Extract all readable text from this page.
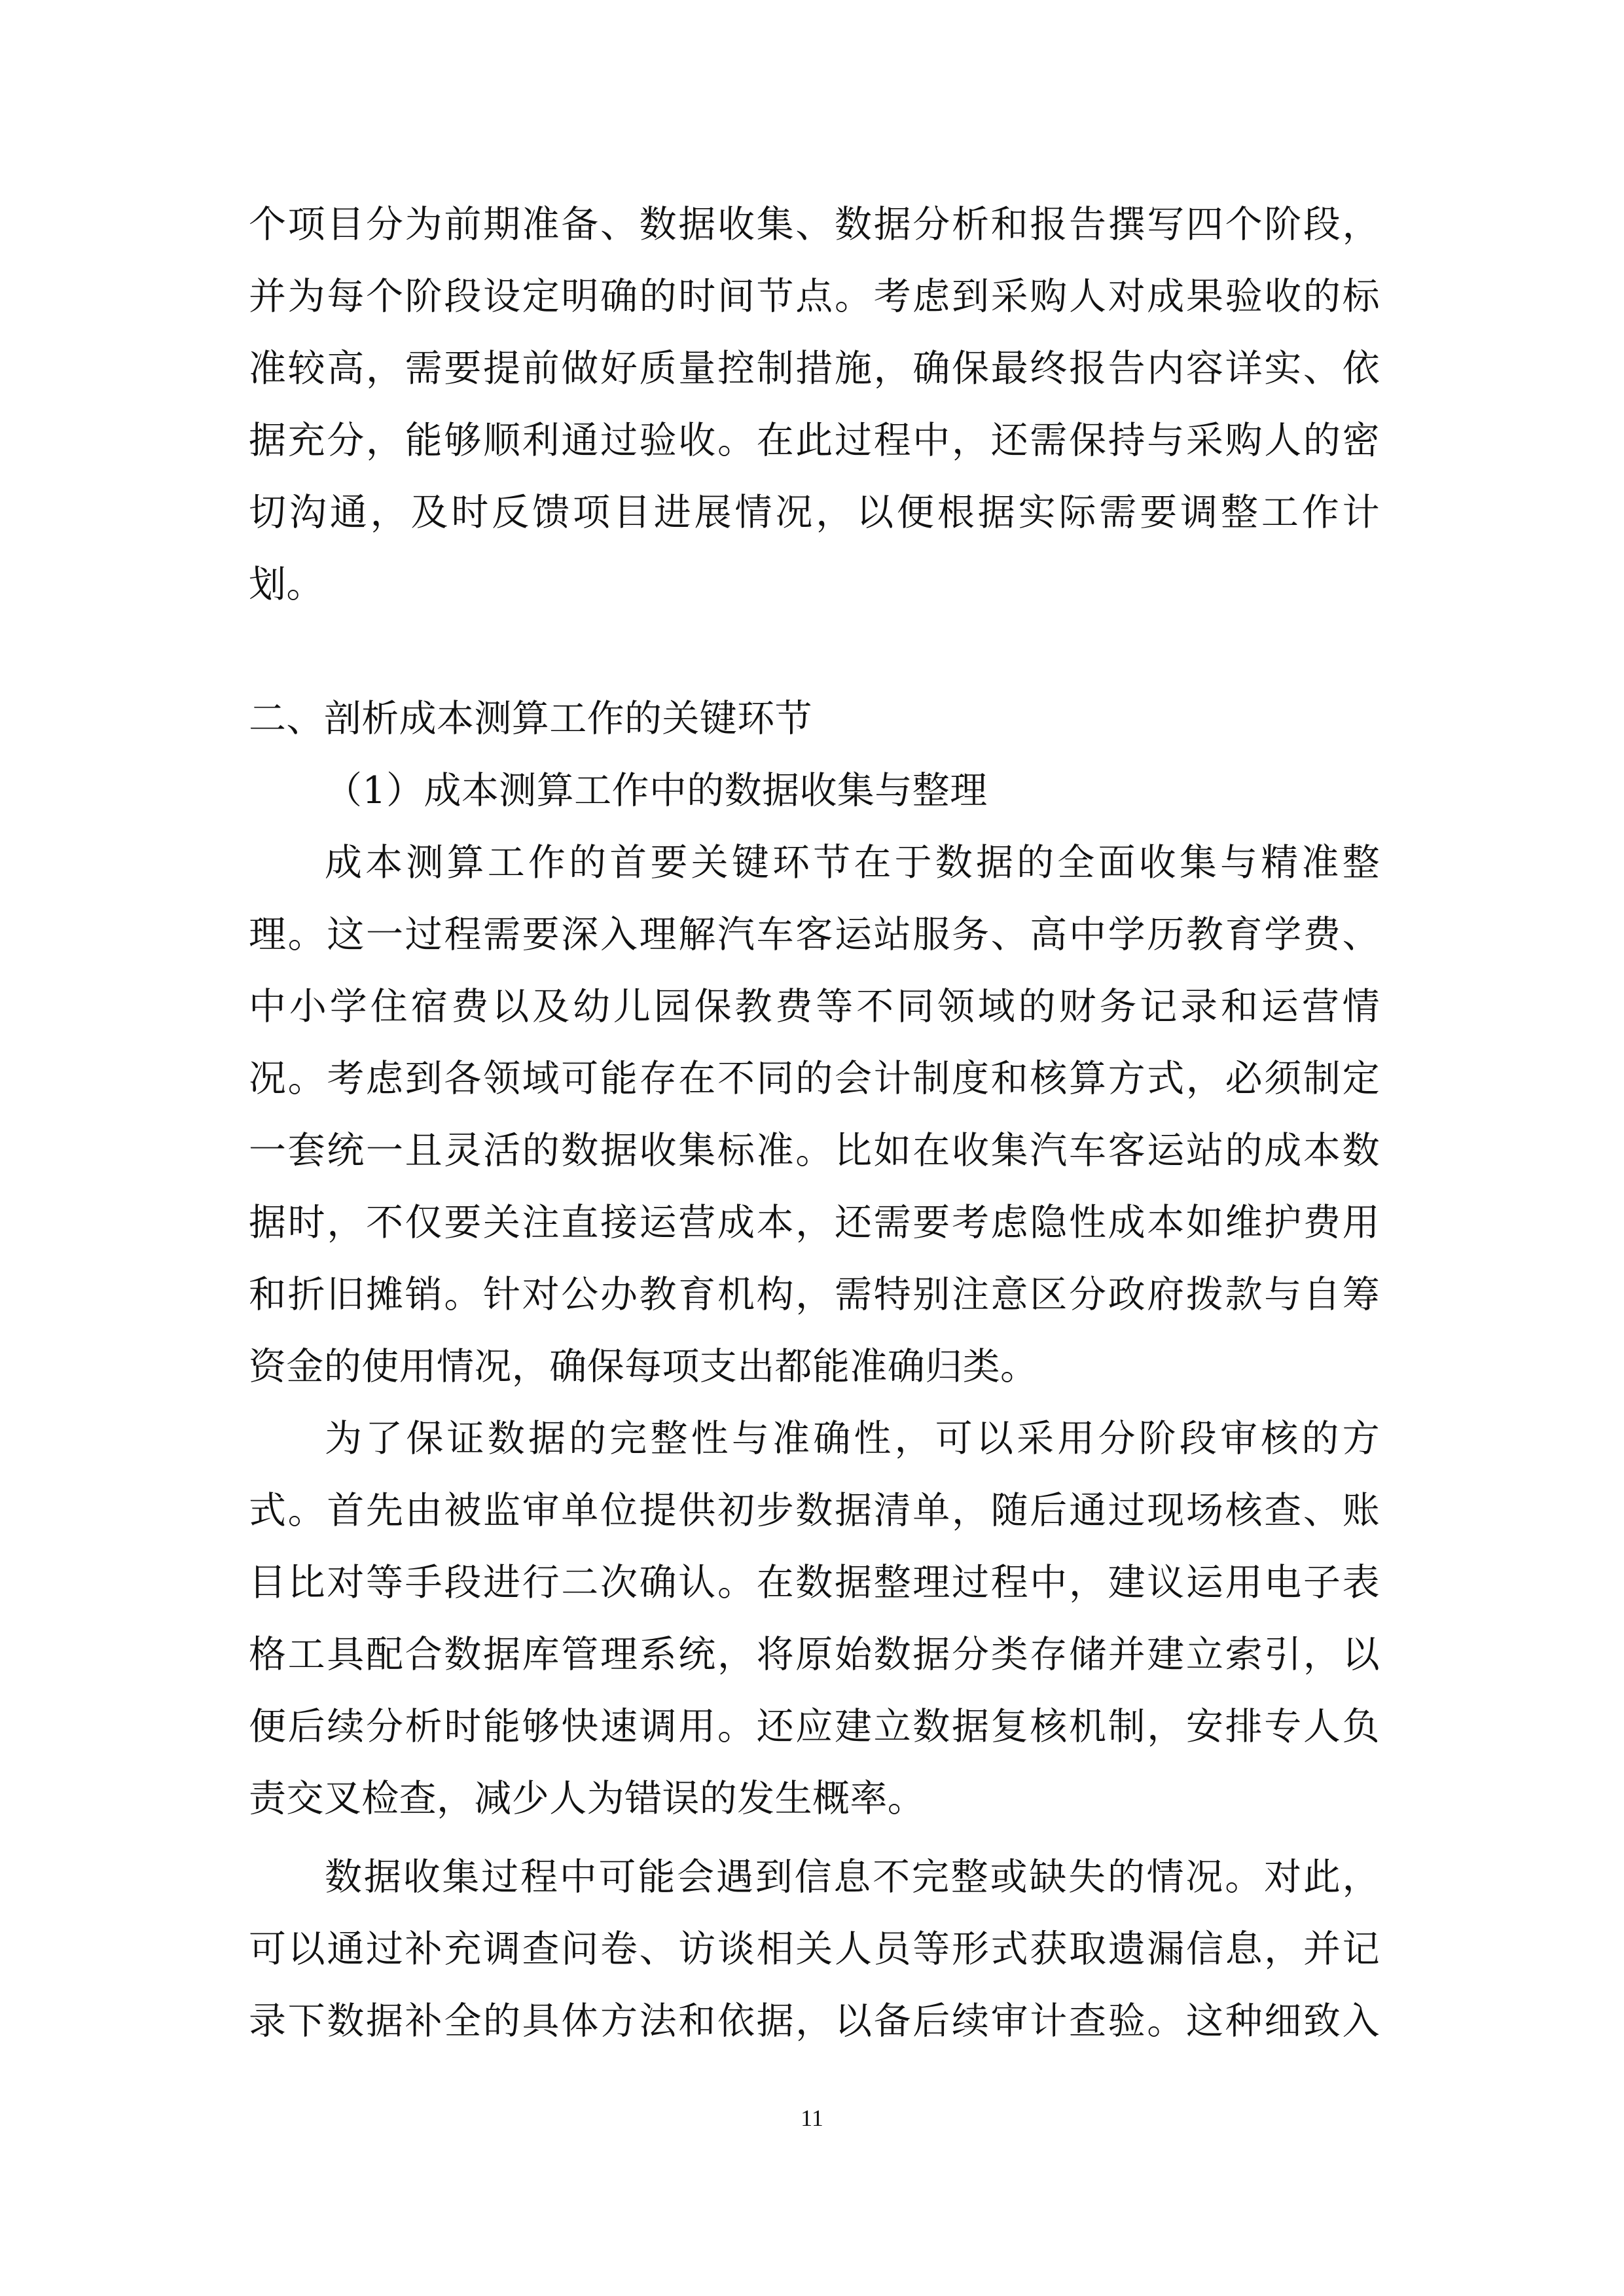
个项目分为前期准备、数据收集、数据分析和报告撰写四个阶段，
并为每个阶段设定明确的时间节点。考虑到采购人对成果验收的标
准较高，需要提前做好质量控制措施，确保最终报告内容详实、依
据充分，能够顺利通过验收。在此过程中，还需保持与采购人的密
切沟通，及时反馈项目进展情况，以便根据实际需要调整工作计
划。
二、剖析成本测算工作的关键环节
（1）成本测算工作中的数据收集与整理
成本测算工作的首要关键环节在于数据的全面收集与精准整
理。这一过程需要深入理解汽车客运站服务、高中学历教育学费、
中小学住宿费以及幼儿园保教费等不同领域的财务记录和运营情
况。考虑到各领域可能存在不同的会计制度和核算方式，必须制定
一套统一且灵活的数据收集标准。比如在收集汽车客运站的成本数
据时，不仅要关注直接运营成本，还需要考虑隐性成本如维护费用
和折旧摊销。针对公办教育机构，需特别注意区分政府拨款与自筹
资金的使用情况，确保每项支出都能准确归类。
为了保证数据的完整性与准确性，可以采用分阶段审核的方
式。首先由被监审单位提供初步数据清单，随后通过现场核查、账
目比对等手段进行二次确认。在数据整理过程中，建议运用电子表
格工具配合数据库管理系统，将原始数据分类存储并建立索引，以
便后续分析时能够快速调用。还应建立数据复核机制，安排专人负
责交叉检查，减少人为错误的发生概率。
数据收集过程中可能会遇到信息不完整或缺失的情况。对此，
可以通过补充调查问卷、访谈相关人员等形式获取遗漏信息，并记
录下数据补全的具体方法和依据，以备后续审计查验。这种细致入
11
